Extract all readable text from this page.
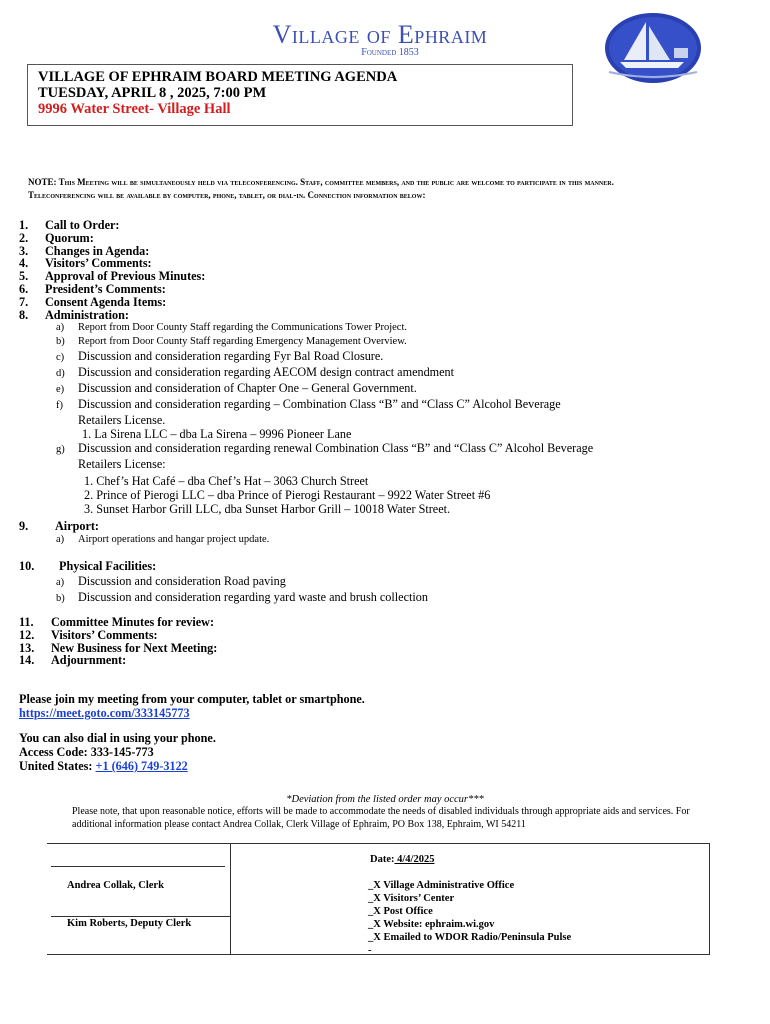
Village of Ephraim
Founded 1853
VILLAGE OF EPHRAIM BOARD MEETING AGENDA
TUESDAY, APRIL 8 , 2025, 7:00 PM
9996 Water Street- Village Hall
NOTE: This Meeting will be simultaneously held via teleconferencing. Staff, committee members, and the public are welcome to participate in this manner. Teleconferencing will be available by computer, phone, tablet, or dial-in. Connection information below:
1. Call to Order:
2. Quorum:
3. Changes in Agenda:
4. Visitors’ Comments:
5. Approval of Previous Minutes:
6. President’s Comments:
7. Consent Agenda Items:
8. Administration:
a) Report from Door County Staff regarding the Communications Tower Project.
b) Report from Door County Staff regarding Emergency Management Overview.
c) Discussion and consideration regarding Fyr Bal Road Closure.
d) Discussion and consideration regarding AECOM design contract amendment
e) Discussion and consideration of Chapter One – General Government.
f) Discussion and consideration regarding – Combination Class “B” and “Class C” Alcohol Beverage
Retailers License.
1. La Sirena LLC – dba La Sirena – 9996 Pioneer Lane
g) Discussion and consideration regarding renewal Combination Class “B” and “Class C” Alcohol Beverage
Retailers License:
1. Chef’s Hat Café – dba Chef’s Hat – 3063 Church Street
2. Prince of Pierogi LLC – dba Prince of Pierogi Restaurant – 9922 Water Street #6
3. Sunset Harbor Grill LLC, dba Sunset Harbor Grill – 10018 Water Street.
9. Airport:
a) Airport operations and hangar project update.
10. Physical Facilities:
a) Discussion and consideration Road paving
b) Discussion and consideration regarding yard waste and brush collection
11. Committee Minutes for review:
12. Visitors’ Comments:
13. New Business for Next Meeting:
14. Adjournment:
Please join my meeting from your computer, tablet or smartphone.
https://meet.goto.com/333145773
You can also dial in using your phone.
Access Code: 333-145-773
United States: +1 (646) 749-3122
*Deviation from the listed order may occur***
Please note, that upon reasonable notice, efforts will be made to accommodate the needs of disabled individuals through appropriate aids and services. For additional information please contact Andrea Collak, Clerk Village of Ephraim, PO Box 138, Ephraim, WI 54211
Andrea Collak, Clerk
Kim Roberts, Deputy Clerk
Date: 4/4/2025
_X Village Administrative Office
_X Visitors’ Center
_X Post Office
_X Website: ephraim.wi.gov
_X Emailed to WDOR Radio/Peninsula Pulse
-
